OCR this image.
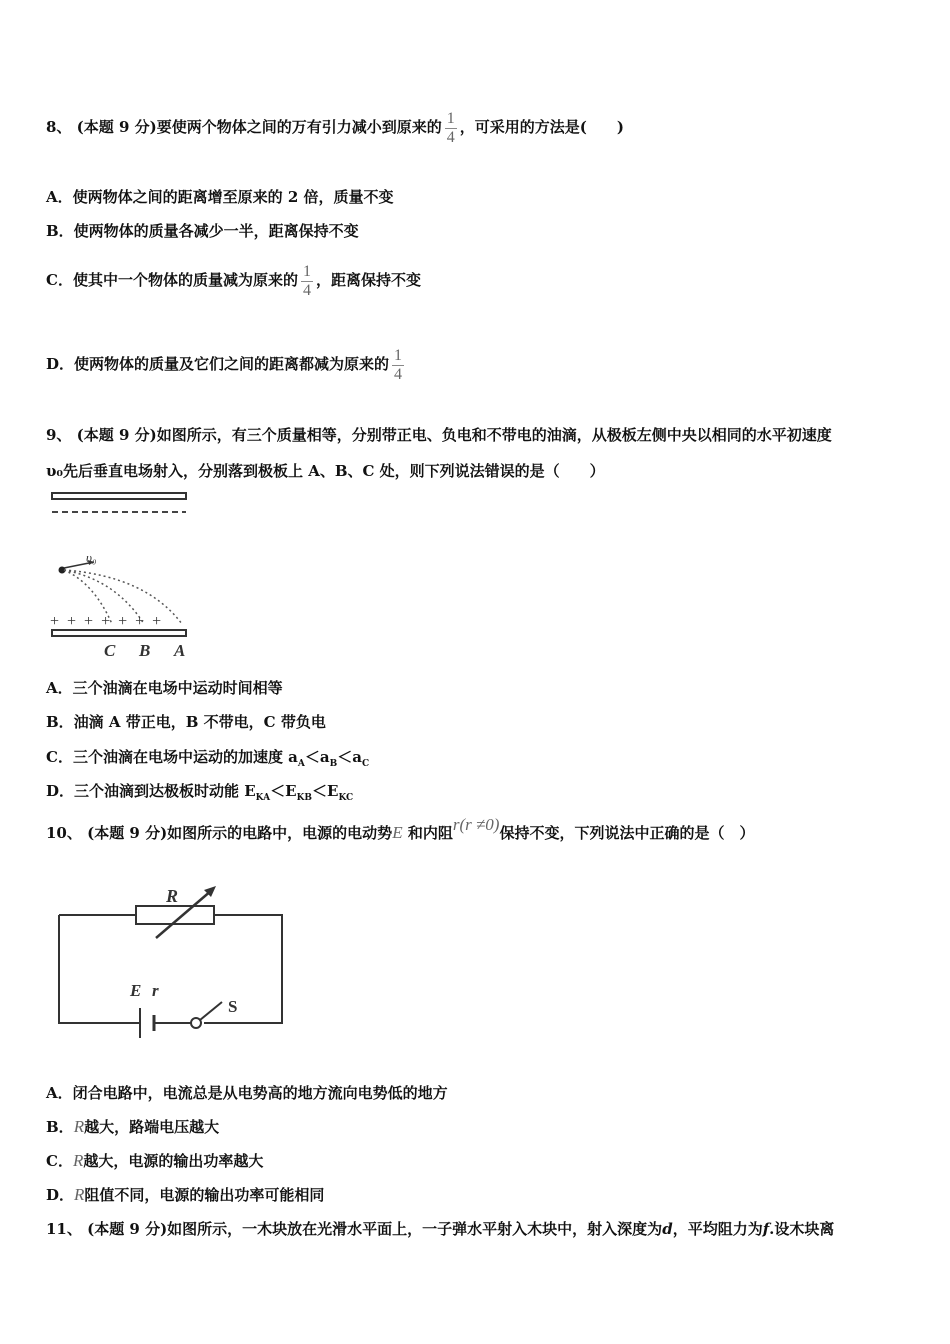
8、 (本题 9 分)要使两个物体之间的万有引力减小到原来的 $\frac{1}{4}$ ，可采用的方法是(　　)
A．使两物体之间的距离增至原来的 2 倍，质量不变
B．使两物体的质量各减少一半，距离保持不变
C．使其中一个物体的质量减为原来的 $\frac{1}{4}$ ，距离保持不变
D．使两物体的质量及它们之间的距离都减为原来的 $\frac{1}{4}$
9、 (本题 9 分)如图所示，有三个质量相等，分别带正电、负电和不带电的油滴，从极板左侧中央以相同的水平初速度
υ₀先后垂直电场射入，分别落到极板上 A、B、C 处，则下列说法错误的是（　　）
υ₀
+ + + + + + +
C B A
A．三个油滴在电场中运动时间相等
B．油滴 A 带正电，B 不带电，C 带负电
C．三个油滴在电场中运动的加速度 $a_A<a_B<a_C$
D．三个油滴到达极板时动能 $E_{KA}<E_{KB}<E_{KC}$
10、 (本题 9 分)如图所示的电路中，电源的电动势E 和内阻r(r ≠0)保持不变，下列说法中正确的是（　）
R
E r
S
A．闭合电路中，电流总是从电势高的地方流向电势低的地方
B．R越大，路端电压越大
C．R越大，电源的输出功率越大
D．R阻值不同，电源的输出功率可能相同
11、 (本题 9 分)如图所示，一木块放在光滑水平面上，一子弹水平射入木块中，射入深度为d，平均阻力为f.设木块离
